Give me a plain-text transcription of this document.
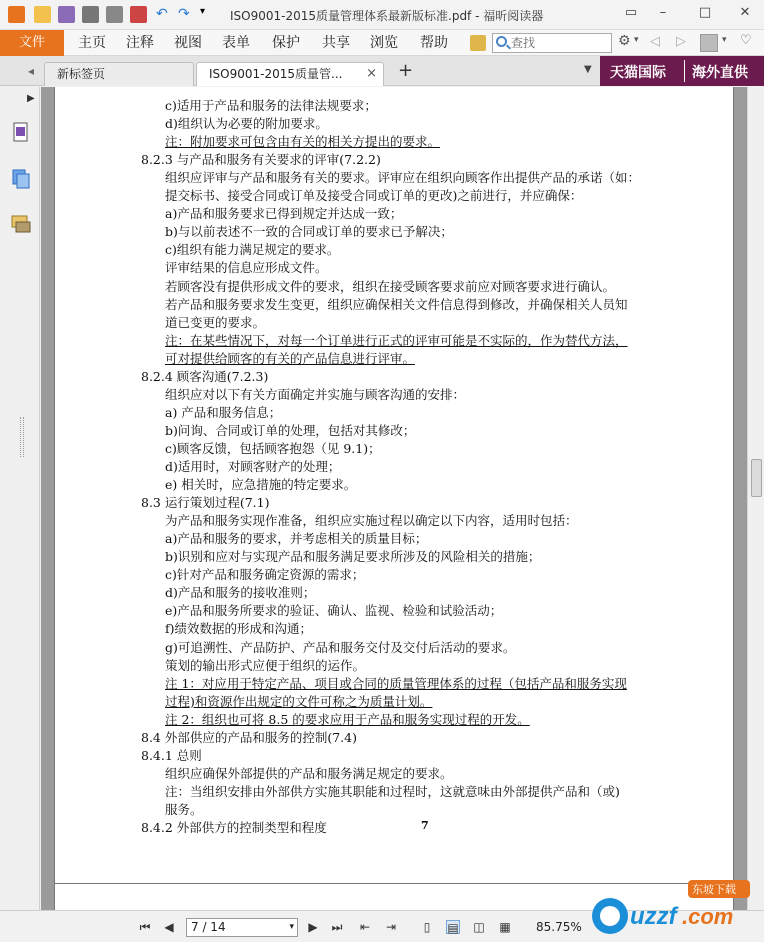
↶ ↷	▾	ISO9001-2015质量管理体系最新版标准.pdf - 福昕阅读器	▭	–	□	✕
文件	主页 注释 视图 表单 保护 共享 浏览 帮助	查找	⚙ ▾ ◁ ▷	▾ ♡
◂	新标签页	ISO9001-2015质量管... ×	▼
+	天猫国际 海外直供
▶
7
c)适用于产品和服务的法律法规要求；
d)组织认为必要的附加要求。
注：附加要求可包含由有关的相关方提出的要求。
8.2.3 与产品和服务有关要求的评审(7.2.2)
组织应评审与产品和服务有关的要求。评审应在组织向顾客作出提供产品的承诺（如：
提交标书、接受合同或订单及接受合同或订单的更改)之前进行，并应确保：
a)产品和服务要求已得到规定并达成一致；
b)与以前表述不一致的合同或订单的要求已予解决；
c)组织有能力满足规定的要求。
评审结果的信息应形成文件。
若顾客没有提供形成文件的要求，组织在接受顾客要求前应对顾客要求进行确认。
若产品和服务要求发生变更，组织应确保相关文件信息得到修改，并确保相关人员知
道已变更的要求。
注：在某些情况下，对每一个订单进行正式的评审可能是不实际的，作为替代方法，
可对提供给顾客的有关的产品信息进行评审。
8.2.4 顾客沟通(7.2.3)
组织应对以下有关方面确定并实施与顾客沟通的安排：
a) 产品和服务信息；
b)问询、合同或订单的处理，包括对其修改；
c)顾客反馈，包括顾客抱怨（见 9.1)；
d)适用时，对顾客财产的处理；
e) 相关时，应急措施的特定要求。
8.3 运行策划过程(7.1)
为产品和服务实现作准备，组织应实施过程以确定以下内容，适用时包括：
a)产品和服务的要求，并考虑相关的质量目标；
b)识别和应对与实现产品和服务满足要求所涉及的风险相关的措施；
c)针对产品和服务确定资源的需求；
d)产品和服务的接收准则；
e)产品和服务所要求的验证、确认、监视、检验和试验活动；
f)绩效数据的形成和沟通；
g)可追溯性、产品防护、产品和服务交付及交付后活动的要求。
策划的输出形式应便于组织的运作。
注 1：对应用于特定产品、项目或合同的质量管理体系的过程（包括产品和服务实现
过程)和资源作出规定的文件可称之为质量计划。
注 2：组织也可将 8.5 的要求应用于产品和服务实现过程的开发。
8.4 外部供应的产品和服务的控制(7.4)
8.4.1 总则
组织应确保外部提供的产品和服务满足规定的要求。
注：当组织安排由外部供方实施其职能和过程时，这就意味由外部提供产品和（或)
服务。
8.4.2 外部供方的控制类型和程度
⏮ ◀	7 / 14	▾ ▶ ⏭ ⇤ ⇥	▯	▤ ◫ ▦ 85.75% uzzf .com
东坡下载
